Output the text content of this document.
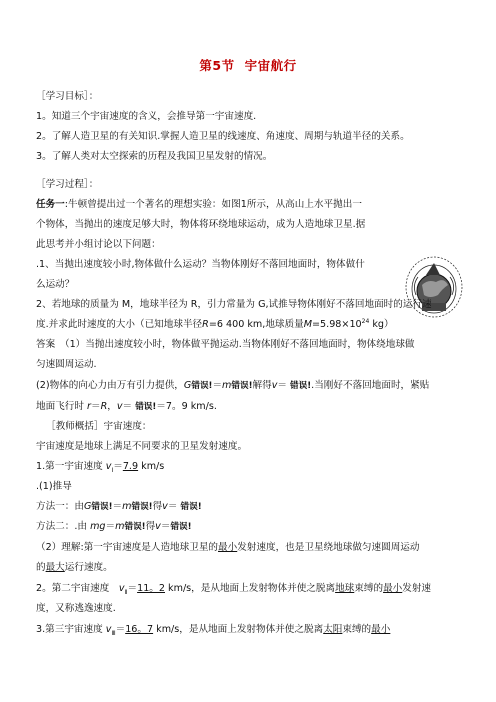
第5节 宇宙航行
［学习目标］：
1。知道三个宇宙速度的含义，会推导第一宇宙速度.
2。了解人造卫星的有关知识.掌握人造卫星的线速度、角速度、周期与轨道半径的关系。
3。了解人类对太空探索的历程及我国卫星发射的情况。
［学习过程］：
任务一:牛顿曾提出过一个著名的理想实验：如图1所示，从高山上水平抛出一
个物体，当抛出的速度足够大时，物体将环绕地球运动，成为人造地球卫星.据
此思考并小组讨论以下问题：
.1、当抛出速度较小时,物体做什么运动？当物体刚好不落回地面时，物体做什
么运动？
2、若地球的质量为 M，地球半径为 R，引力常量为 G,试推导物体刚好不落回地面时的运行速
度.并求此时速度的大小（已知地球半径R=6 400 km,地球质量$M=5.98\times 10^{24}$ kg）
答案　（1）当抛出速度较小时，物体做平抛运动.当物体刚好不落回地面时，物体绕地球做
匀速圆周运动.
(2)物体的向心力由万有引力提供，G错误!＝m错误!解得v＝ 错误!.当刚好不落回地面时，紧贴
地面飞行时 r＝R，v＝ 错误!＝7。9 km/s.
［教师概括］宇宙速度：
宇宙速度是地球上满足不同要求的卫星发射速度。
1.第一宇宙速度 $v_Ⅰ=7.9$ km/s
.(1)推导
方法一：由G错误!＝m错误!得v＝ 错误!
方法二：.由 mg＝m错误!得v＝错误!
（2）理解:第一宇宙速度是人造地球卫星的最小发射速度，也是卫星绕地球做匀速圆周运动
的最大运行速度。
2。第二宇宙速度　$v_Ⅱ=11$。2 km/s，是从地面上发射物体并使之脱离地球束缚的最小发射速
度，又称逃逸速度.
3.第三宇宙速度 $v_Ⅲ=16$。7 km/s，是从地面上发射物体并使之脱离太阳束缚的最小
